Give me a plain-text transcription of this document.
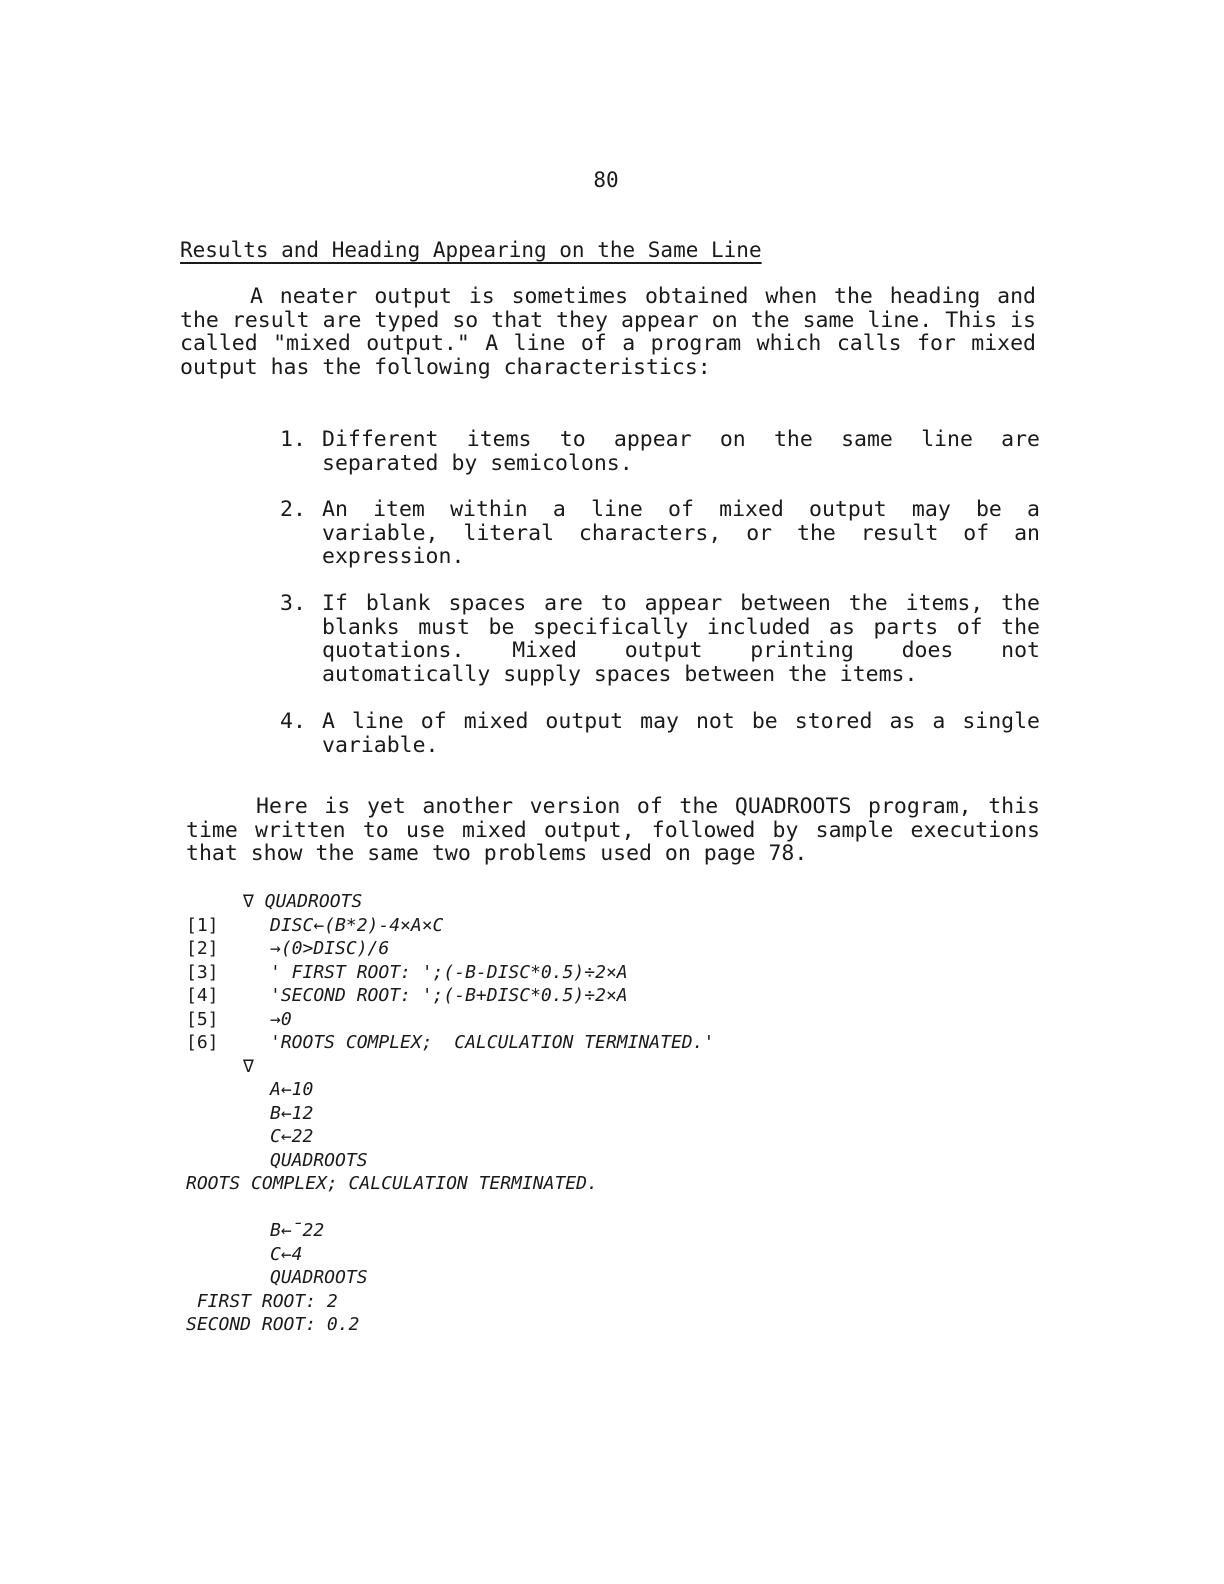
80
Results and Heading Appearing on the Same Line
A neater output is sometimes obtained when the heading and the result are typed so that they appear on the same line. This is called "mixed output." A line of a program which calls for mixed output has the following characteristics:
1. Different items to appear on the same line are separated by semicolons.
2. An item within a line of mixed output may be a variable, literal characters, or the result of an expression.
3. If blank spaces are to appear between the items, the blanks must be specifically included as parts of the quotations. Mixed output printing does not automatically supply spaces between the items.
4. A line of mixed output may not be stored as a single variable.
Here is yet another version of the QUADROOTS program, this time written to use mixed output, followed by sample executions that show the same two problems used on page 78.
∇ QUADROOTS
[1]	DISC←(B*2)-4×A×C
[2]	→(0>DISC)/6
[3]	' FIRST ROOT: ';(-B-DISC*0.5)÷2×A
[4]	'SECOND ROOT: ';(-B+DISC*0.5)÷2×A
[5]	→0
[6]	'ROOTS COMPLEX;  CALCULATION TERMINATED.'
∇
A←10
B←12
C←22
QUADROOTS
ROOTS COMPLEX; CALCULATION TERMINATED.
B←¯22
C←4
QUADROOTS
FIRST ROOT: 2
SECOND ROOT: 0.2
